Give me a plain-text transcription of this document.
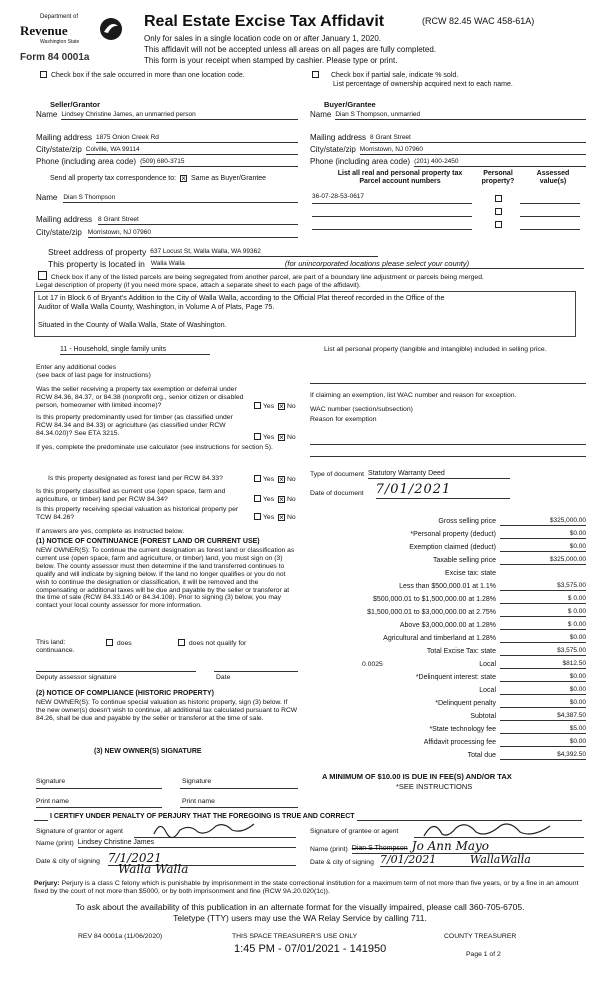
Department of
Revenue
Washington State
Form 84 0001a
Real Estate Excise Tax Affidavit	(RCW 82.45 WAC 458-61A)
Only for sales in a single location code on or after January 1, 2020.
This affidavit will not be accepted unless all areas on all pages are fully completed.
This form is your receipt when stamped by cashier. Please type or print.
Check box if the sale occurred in more than one location code.	Check box if partial sale, indicate % sold.
List percentage of ownership acquired next to each name.
Seller/Grantor	Buyer/Grantee
Name Lindsey Christine James, an unmarried person	Name Dian S Thompson, unmarried
Mailing address 1875 Onion Creek Rd	Mailing address 8 Grant Street
City/state/zip Colville, WA 99114	City/state/zip Morristown, NJ 07960
Phone (including area code) (509) 680-3715	Phone (including area code) (201) 400-2450
Send all property tax correspondence to: × Same as Buyer/Grantee
Name Dian S Thompson
Mailing address 8 Grant Street
City/state/zip Morristown, NJ 07960
List all real and personal property tax
Parcel account numbers
Personal
property?
Assessed
value(s)
36-07-28-53-0617
Street address of property 637 Locust St, Walla Walla, WA 99362
This property is located in Walla Walla	(for unincorporated locations please select your county)
Check box if any of the listed parcels are being segregated from another parcel, are part of a boundary line adjustment or parcels being merged.
Legal description of property (if you need more space, attach a separate sheet to each page of the affidavit).
Lot 17 in Block 6 of Bryant's Addition to the City of Walla Walla, according to the Official Plat thereof recorded in the Office of the
Auditor of Walla Walla County, Washington, in Volume A of Plats, Page 75.
Situated in the County of Walla Walla, State of Washington.
11 - Household, single family units
Enter any additional codes
(see back of last page for instructions)
Was the seller receiving a property tax exemption or deferral under RCW 84.36, 84.37, or 84.38 (nonprofit org., senior citizen or disabled person, homeowner with limited income)?	Yes × No
Is this property predominantly used for timber (as classified under RCW 84.34 and 84.33) or agriculture (as classified under RCW 84.34.020)? See ETA 3215.
Yes × No
If yes, complete the predominate use calculator (see instructions for section 5).
Is this property designated as forest land per RCW 84.33?	Yes × No
Is this property classified as current use (open space, farm and agriculture, or timber) land per RCW 84.34?	Yes × No
Is this property receiving special valuation as historical property per TCW 84.26?	Yes × No
If answers are yes, complete as instructed below.
(1) NOTICE OF CONTINUANCE (FOREST LAND OR CURRENT USE)
NEW OWNER(S): To continue the current designation as forest land or classification as current use (open space, farm and agriculture, or timber) land, you must sign on (3) below. The county assessor must then determine if the land transferred continues to qualify and will indicate by signing below. If the land no longer qualifies or you do not wish to continue the designation or classification, it will be removed and the compensating or additional taxes will be due and payable by the seller or transferor at the time of sale (RCW 84.33.140 or 84.34.108). Prior to signing (3) below, you may contact your local county assessor for more information.
This land:
continuance.
does	does not qualify for
Deputy assessor signature	Date
(2) NOTICE OF COMPLIANCE (HISTORIC PROPERTY)
NEW OWNER(S): To continue special valuation as historic property, sign (3) below. If the new owner(s) doesn't wish to continue, all additional tax calculated pursuant to RCW 84.26, shall be due and payable by the seller or transferor at the time of sale.
(3) NEW OWNER(S) SIGNATURE
Signature	Signature
Print name	Print name
List all personal property (tangible and intangible) included in selling price.
If claiming an exemption, list WAC number and reason for exception.
WAC number (section/subsection)
Reason for exemption
Type of document Statutory Warranty Deed
Date of document 7/01/2021
Gross selling price	$325,000.00
*Personal property (deduct)	$0.00
Exemption claimed (deduct)	$0.00
Taxable selling price	$325,000.00
Excise tax: state
Less than $500,000.01 at 1.1%	$3,575.00
$500,000.01 to $1,500,000.00 at 1.28%	$ 0.00
$1,500,000.01 to $3,000,000.00 at 2.75%	$ 0.00
Above $3,000,000.00 at 1.28%	$ 0.00
Agricultural and timberland at 1.28%	$0.00
Total Excise Tax: state	$3,575.00
0.0025	Local	$812.50
*Delinquent interest: state	$0.00
Local	$0.00
*Delinquent penalty	$0.00
Subtotal	$4,387.50
*State technology fee	$5.00
Affidavit processing fee	$0.00
Total due	$4,392.50
A MINIMUM OF $10.00 IS DUE IN FEE(S) AND/OR TAX
*SEE INSTRUCTIONS
I CERTIFY UNDER PENALTY OF PERJURY THAT THE FOREGOING IS TRUE AND CORRECT
Signature of grantor or agent
Name (print) Lindsey Christine James
Date & city of signing 7/1/2021
Walla Walla
Signature of grantee or agent
Name (print) Dian S Thompson Jo Ann Mayo
Date & city of signing 7/01/2021	WallaWalla
Perjury: Perjury is a class C felony which is punishable by imprisonment in the state correctional institution for a maximum term of not more than five years, or by a fine in an amount fixed by the court of not more than $5000, or by both imprisonment and fine (RCW 9A.20.020(1c)).
To ask about the availability of this publication in an alternate format for the visually impaired, please call 360-705-6705.
Teletype (TTY) users may use the WA Relay Service by calling 711.
REV 84 0001a (11/06/2020)	THIS SPACE TREASURER'S USE ONLY	COUNTY TREASURER
1:45 PM - 07/01/2021 - 141950	Page 1 of 2
